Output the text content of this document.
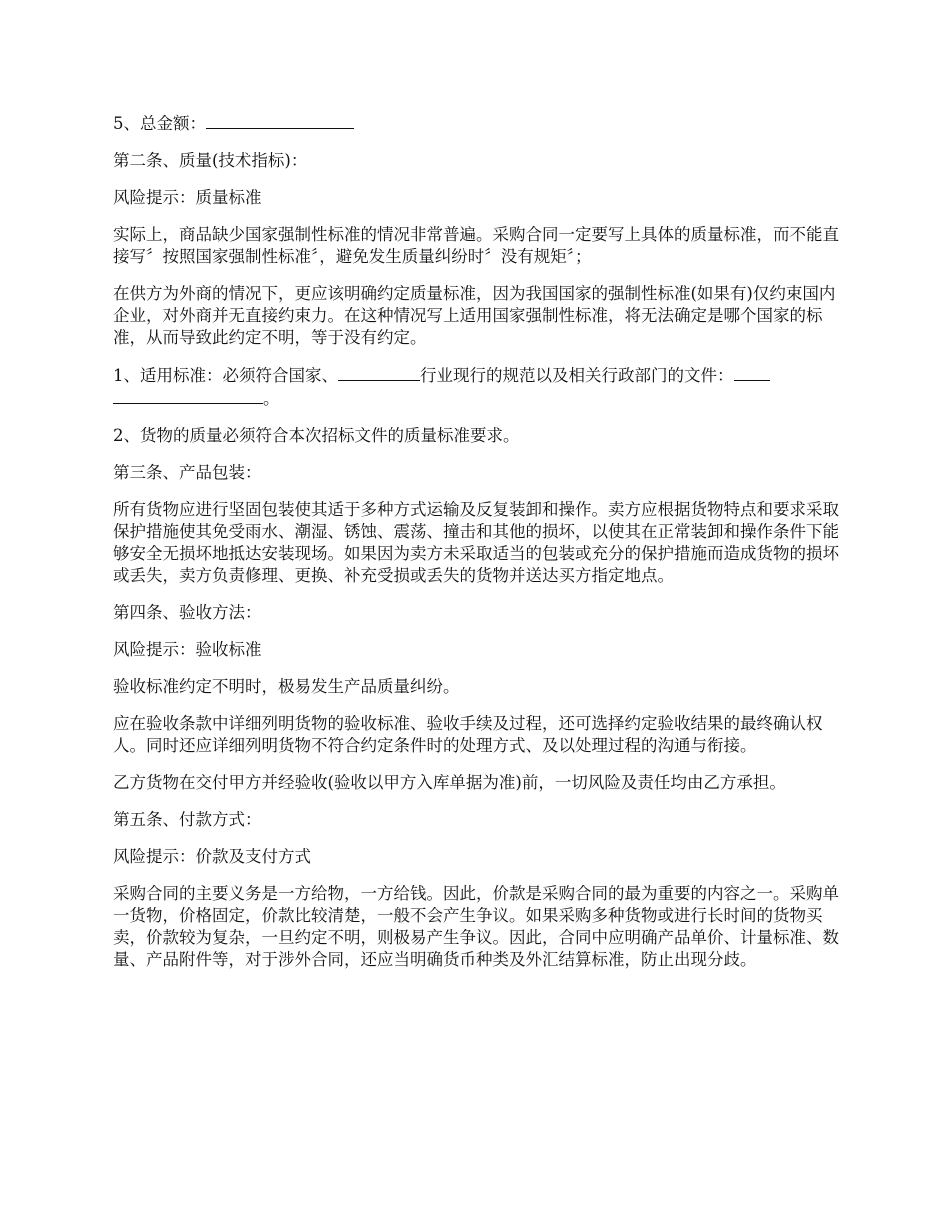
5、总金额：

第二条、质量(技术指标)：

风险提示：质量标准

实际上，商品缺少国家强制性标准的情况非常普遍。采购合同一定要写上具体的质量标准，而不能直接写〞按照国家强制性标准〞，避免发生质量纠纷时〞没有规矩〞；

在供方为外商的情况下，更应该明确约定质量标准，因为我国国家的强制性标准(如果有)仅约束国内企业，对外商并无直接约束力。在这种情况写上适用国家强制性标准，将无法确定是哪个国家的标准，从而导致此约定不明，等于没有约定。

1、适用标准：必须符合国家、	行业现行的规范以及相关行政部门的文件：
。

2、货物的质量必须符合本次招标文件的质量标准要求。

第三条、产品包装：

所有货物应进行坚固包装使其适于多种方式运输及反复装卸和操作。卖方应根据货物特点和要求采取保护措施使其免受雨水、潮湿、锈蚀、震荡、撞击和其他的损坏，以使其在正常装卸和操作条件下能够安全无损坏地抵达安装现场。如果因为卖方未采取适当的包装或充分的保护措施而造成货物的损坏或丢失，卖方负责修理、更换、补充受损或丢失的货物并送达买方指定地点。

第四条、验收方法：

风险提示：验收标准

验收标准约定不明时，极易发生产品质量纠纷。

应在验收条款中详细列明货物的验收标准、验收手续及过程，还可选择约定验收结果的最终确认权人。同时还应详细列明货物不符合约定条件时的处理方式、及以处理过程的沟通与衔接。

乙方货物在交付甲方并经验收(验收以甲方入库单据为准)前，一切风险及责任均由乙方承担。

第五条、付款方式：

风险提示：价款及支付方式

采购合同的主要义务是一方给物，一方给钱。因此，价款是采购合同的最为重要的内容之一。采购单一货物，价格固定，价款比较清楚，一般不会产生争议。如果采购多种货物或进行长时间的货物买卖，价款较为复杂，一旦约定不明，则极易产生争议。因此，合同中应明确产品单价、计量标准、数量、产品附件等，对于涉外合同，还应当明确货币种类及外汇结算标准，防止出现分歧。
